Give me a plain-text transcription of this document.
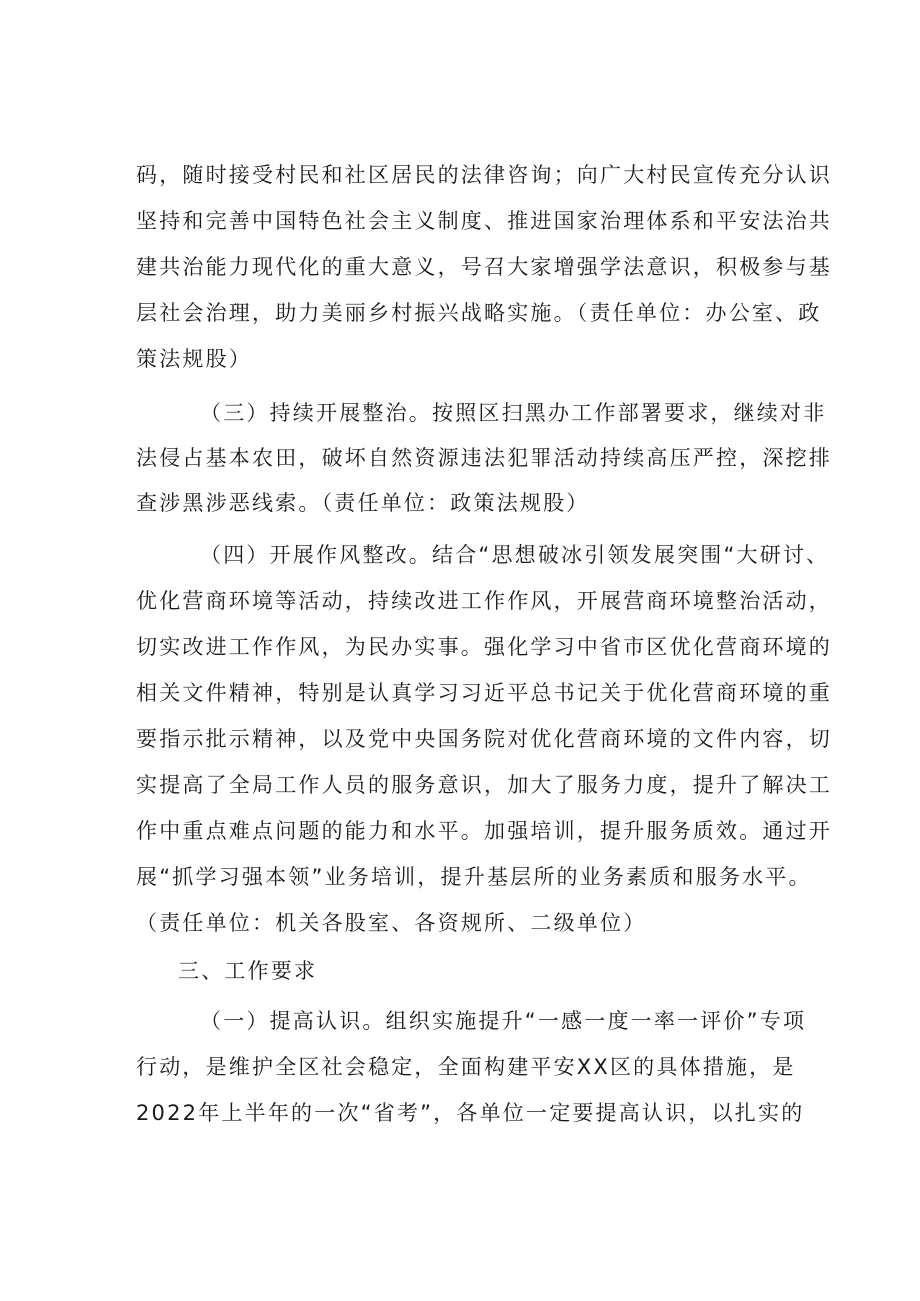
码，随时接受村民和社区居民的法律咨询；向广大村民宣传充分认识
坚持和完善中国特色社会主义制度、推进国家治理体系和平安法治共
建共治能力现代化的重大意义，号召大家增强学法意识，积极参与基
层社会治理，助力美丽乡村振兴战略实施。（责任单位：办公室、政
策法规股）
（三）持续开展整治。按照区扫黑办工作部署要求，继续对非
法侵占基本农田，破坏自然资源违法犯罪活动持续高压严控，深挖排
查涉黑涉恶线索。（责任单位：政策法规股）
（四）开展作风整改。结合“思想破冰引领发展突围“大研讨、
优化营商环境等活动，持续改进工作作风，开展营商环境整治活动，
切实改进工作作风，为民办实事。强化学习中省市区优化营商环境的
相关文件精神，特别是认真学习习近平总书记关于优化营商环境的重
要指示批示精神，以及党中央国务院对优化营商环境的文件内容，切
实提高了全局工作人员的服务意识，加大了服务力度，提升了解决工
作中重点难点问题的能力和水平。加强培训，提升服务质效。通过开
展“抓学习强本领”业务培训，提升基层所的业务素质和服务水平。
（责任单位：机关各股室、各资规所、二级单位）
三、工作要求
（一）提高认识。组织实施提升“一感一度一率一评价”专项
行动，是维护全区社会稳定，全面构建平安XX区的具体措施，是
2022年上半年的一次“省考”，各单位一定要提高认识，以扎实的
